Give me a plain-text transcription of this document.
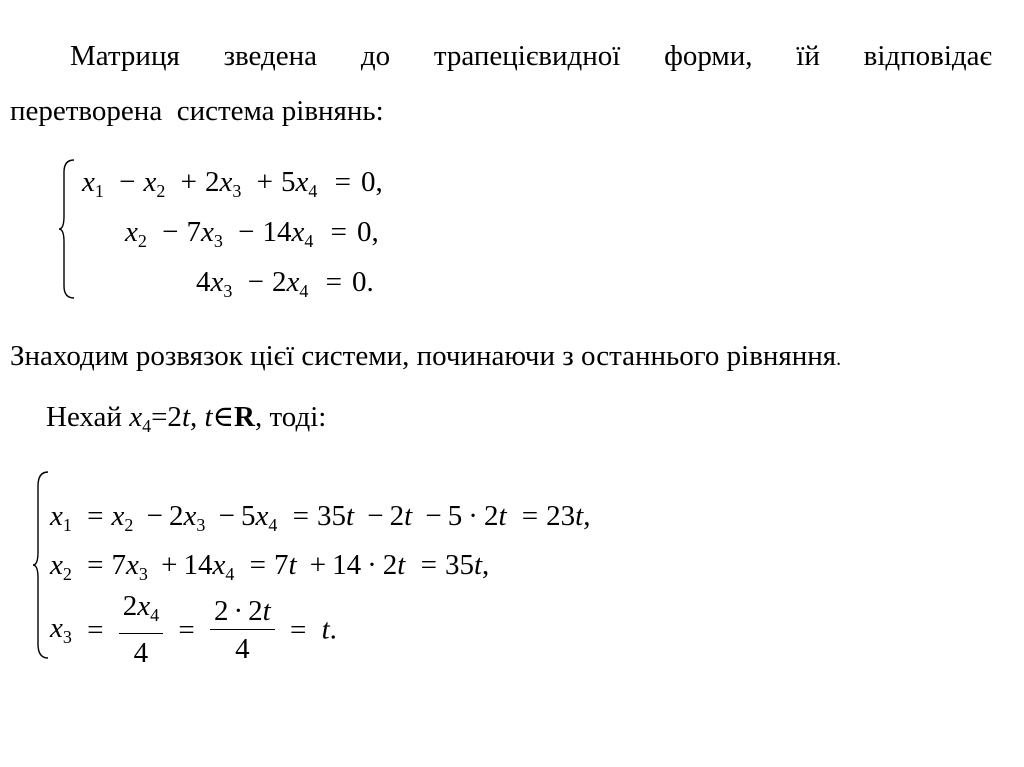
Матриця зведена до трапецієвидної форми, їй відповідає
перетворена  система рівнянь:
$x_1 - x_2 + 2x_3 + 5x_4 = 0$,
$x_2 - 7x_3 - 14x_4 = 0$,
$4x_3 - 2x_4 = 0$.
Знаходим розвязок цієї системи, починаючи з останнього рівняння.
Нехай $x_4=2t$, t∈R, тоді:
$x_1 = x_2 - 2x_3 - 5x_4 = 35t - 2t - 5 \cdot 2t = 23t$,
$x_2 = 7x_3 + 14x_4 = 7t + 14 \cdot 2t = 35t$,
$x_3 = \frac{2x_4}{4} = \frac{2 \cdot 2t}{4} = t$.
